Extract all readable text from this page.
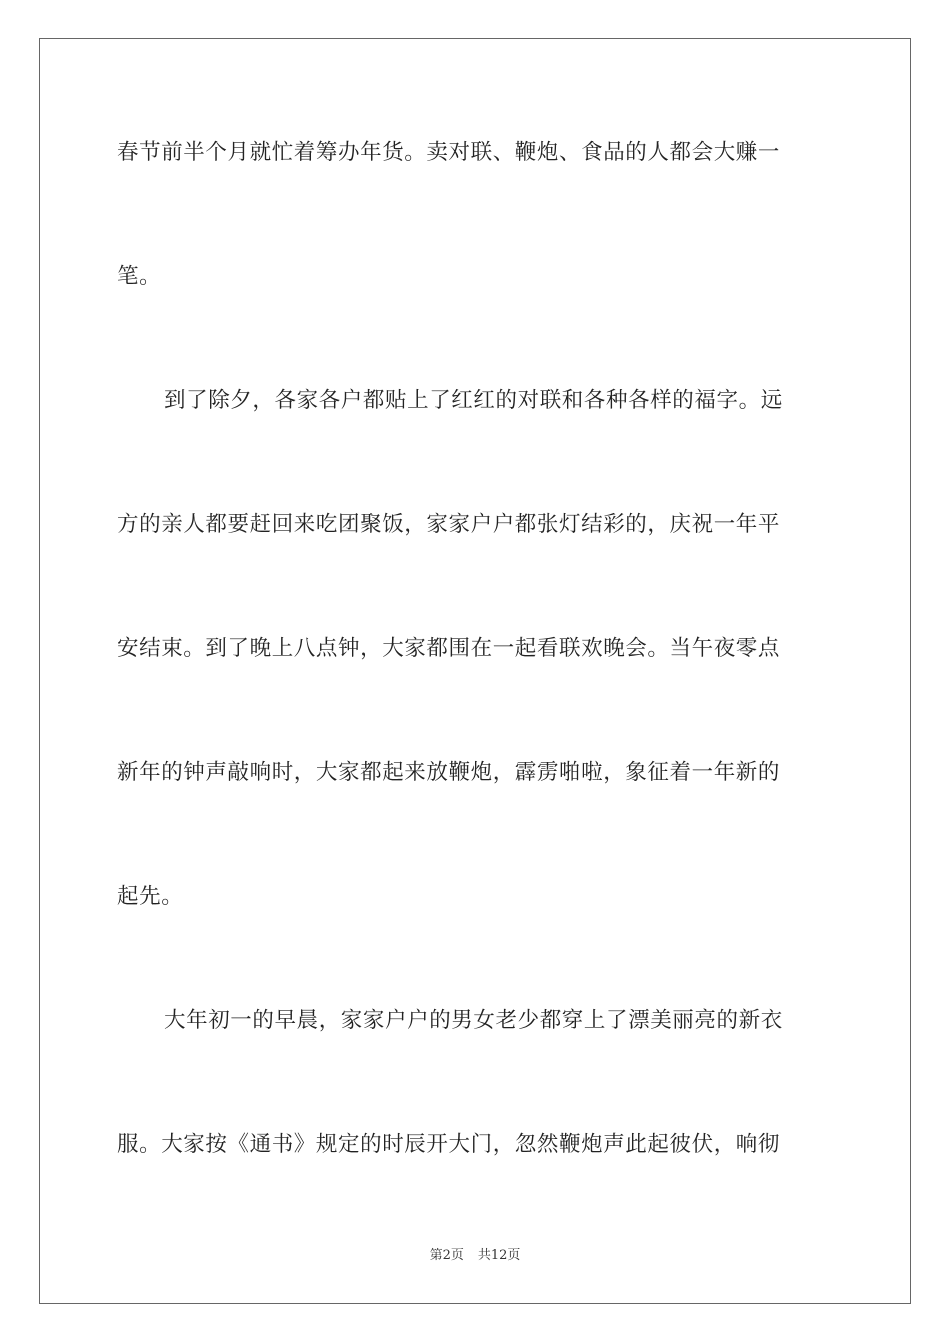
春节前半个月就忙着筹办年货。卖对联、鞭炮、食品的人都会大赚一
笔。
到了除夕，各家各户都贴上了红红的对联和各种各样的福字。远
方的亲人都要赶回来吃团聚饭，家家户户都张灯结彩的，庆祝一年平
安结束。到了晚上八点钟，大家都围在一起看联欢晚会。当午夜零点
新年的钟声敲响时，大家都起来放鞭炮，霹雳啪啦，象征着一年新的
起先。
大年初一的早晨，家家户户的男女老少都穿上了漂美丽亮的新衣
服。大家按《通书》规定的时辰开大门，忽然鞭炮声此起彼伏，响彻
第2页 共12页
